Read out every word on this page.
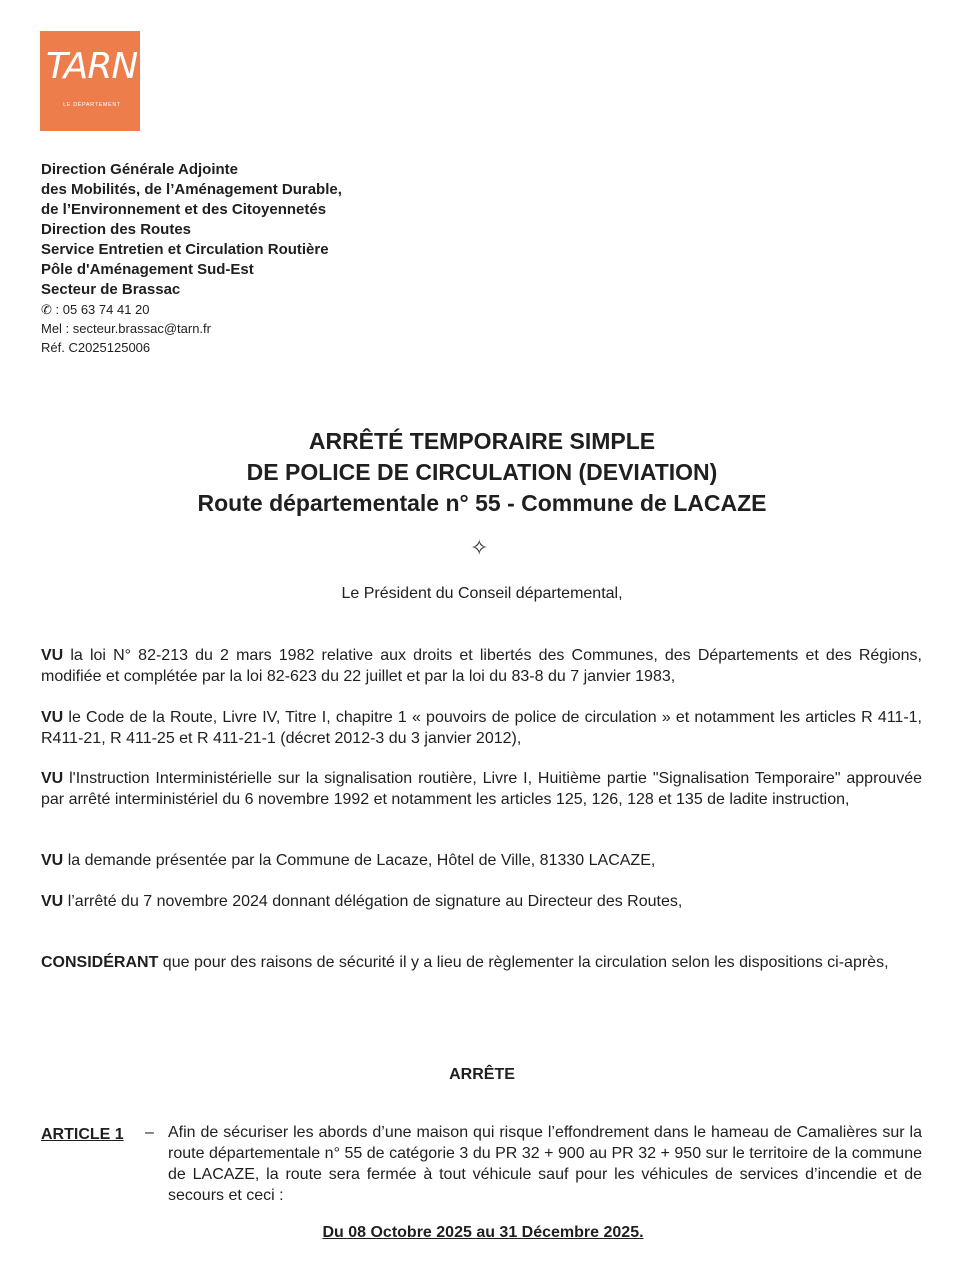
TARN
LE DÉPARTEMENT
Direction Générale Adjointe
des Mobilités, de l’Aménagement Durable,
de l’Environnement et des Citoyennetés
Direction des Routes
Service Entretien et Circulation Routière
Pôle d'Aménagement Sud-Est
Secteur de Brassac
✆ : 05 63 74 41 20
Mel : secteur.brassac@tarn.fr
Réf. C2025125006
ARRÊTÉ TEMPORAIRE SIMPLE
DE POLICE DE CIRCULATION (DEVIATION)
Route départementale n° 55 - Commune de LACAZE
✧
Le Président du Conseil départemental,

VU la loi N° 82-213 du 2 mars 1982 relative aux droits et libertés des Communes, des Départements et des Régions, modifiée et complétée par la loi 82-623 du 22 juillet et par la loi du 83-8 du 7 janvier 1983,

VU le Code de la Route, Livre IV, Titre I, chapitre 1 « pouvoirs de police de circulation » et notamment les articles R 411-1, R411-21, R 411-25 et R 411-21-1 (décret 2012-3 du 3 janvier 2012),

VU l'Instruction Interministérielle sur la signalisation routière, Livre I, Huitième partie "Signalisation Temporaire" approuvée par arrêté interministériel du 6 novembre 1992 et notamment les articles 125, 126, 128 et 135 de ladite instruction,

VU la demande présentée par la Commune de Lacaze, Hôtel de Ville, 81330 LACAZE,

VU l’arrêté du 7 novembre 2024 donnant délégation de signature au Directeur des Routes,

CONSIDÉRANT que pour des raisons de sécurité il y a lieu de règlementer la circulation selon les dispositions ci-après,

ARRÊTE
ARTICLE 1 – Afin de sécuriser les abords d’une maison qui risque l’effondrement dans le hameau de Camalières sur la route départementale n° 55 de catégorie 3 du PR 32 + 900 au PR 32 + 950 sur le territoire de la commune de LACAZE, la route sera fermée à tout véhicule sauf pour les véhicules de services d’incendie et de secours et ceci :

Du 08 Octobre 2025 au 31 Décembre 2025.
